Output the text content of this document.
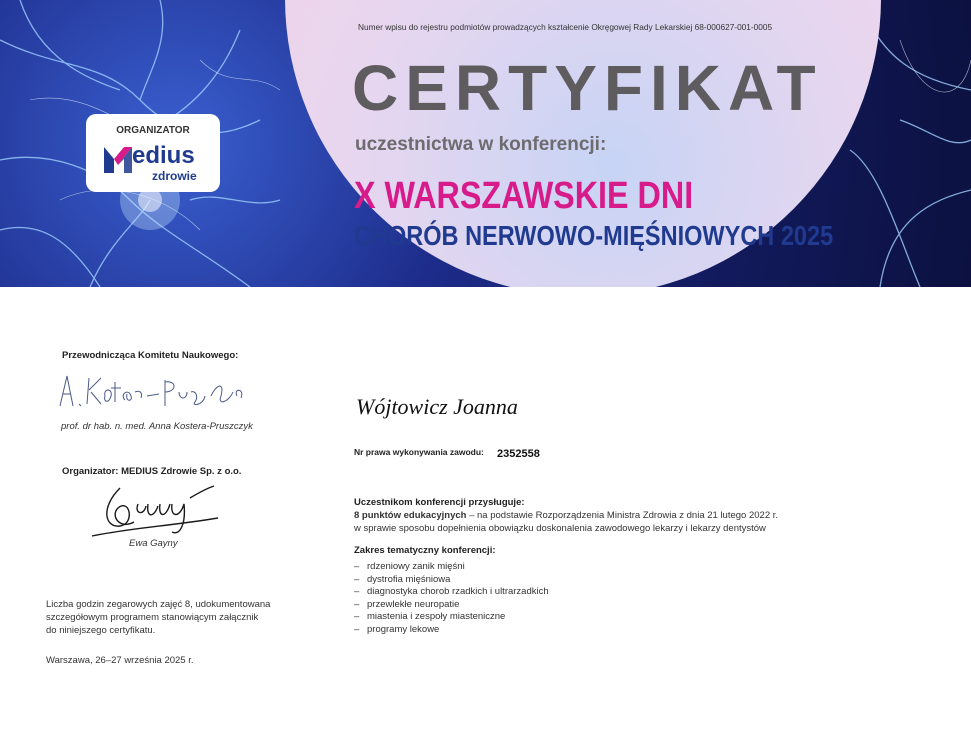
Numer wpisu do rejestru podmiotów prowadzących kształcenie Okręgowej Rady Lekarskiej 68-000627-001-0005
CERTYFIKAT
uczestnictwa w konferencji:
X WARSZAWSKIE DNI
CHORÓB NERWOWO-MIĘŚNIOWYCH 2025
ORGANIZATOR
edius
zdrowie
Przewodnicząca Komitetu Naukowego:
prof. dr hab. n. med. Anna Kostera-Pruszczyk
Organizator: MEDIUS Zdrowie Sp. z o.o.
Ewa Gayny
Liczba godzin zegarowych zajęć 8, udokumentowana
szczegółowym programem stanowiącym załącznik
do niniejszego certyfikatu.
Warszawa, 26–27 września 2025 r.
Wójtowicz Joanna
Nr prawa wykonywania zawodu: 2352558
Uczestnikom konferencji przysługuje:
8 punktów edukacyjnych – na podstawie Rozporządzenia Ministra Zdrowia z dnia 21 lutego 2022 r.
w sprawie sposobu dopełnienia obowiązku doskonalenia zawodowego lekarzy i lekarzy dentystów
Zakres tematyczny konferencji:
– rdzeniowy zanik mięśni
– dystrofia mięśniowa
– diagnostyka chorob rzadkich i ultrarzadkich
– przewlekłe neuropatie
– miastenia i zespoły miasteniczne
– programy lekowe
